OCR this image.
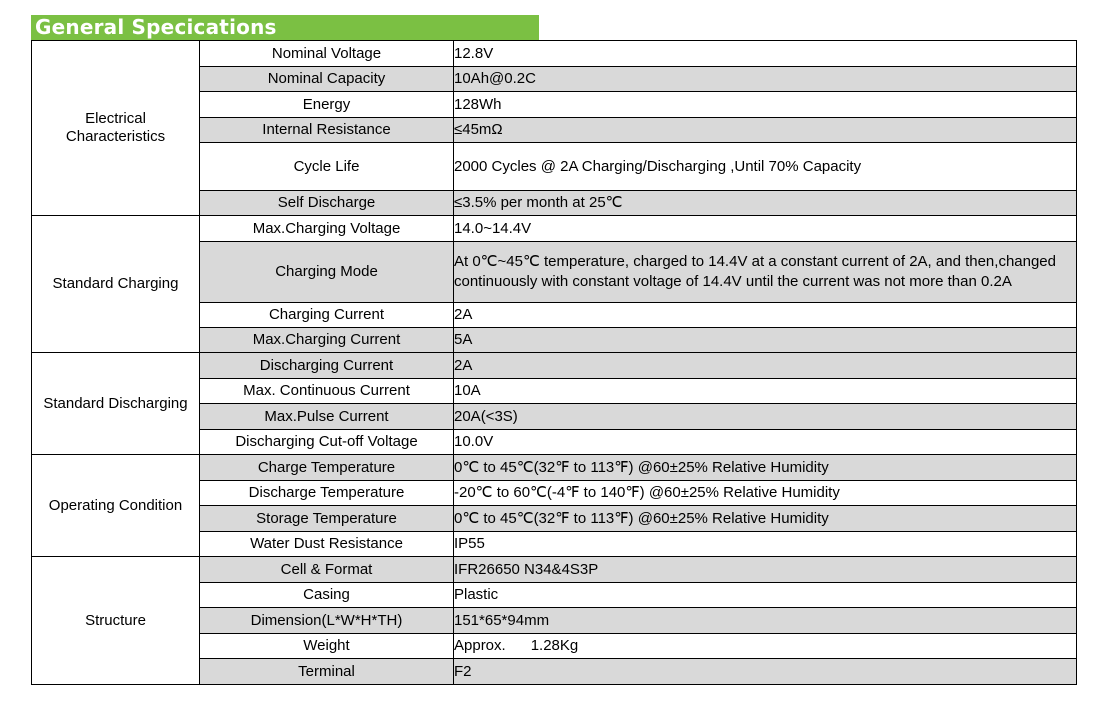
General Specications
Electrical
Characteristics	Nominal Voltage	12.8V
	Nominal Capacity	10Ah@0.2C
	Energy	128Wh
	Internal Resistance	≤45mΩ
	Cycle Life	2000 Cycles @ 2A Charging/Discharging ,Until 70% Capacity
	Self Discharge	≤3.5% per month at 25℃
Standard Charging	Max.Charging Voltage	14.0~14.4V
	Charging Mode	At 0℃~45℃ temperature, charged to 14.4V at a constant current of 2A, and then,changed continuously with constant voltage of 14.4V until the current was not more than 0.2A
	Charging Current	2A
	Max.Charging Current	5A
Standard Discharging	Discharging Current	2A
	Max. Continuous Current	10A
	Max.Pulse Current	20A(<3S)
	Discharging Cut-off Voltage	10.0V
Operating Condition	Charge Temperature	0℃ to 45℃(32℉ to 113℉) @60±25% Relative Humidity
	Discharge Temperature	-20℃ to 60℃(-4℉ to 140℉) @60±25% Relative Humidity
	Storage Temperature	0℃ to 45℃(32℉ to 113℉) @60±25% Relative Humidity
	Water Dust Resistance	IP55
Structure	Cell & Format	IFR26650 N34&4S3P
	Casing	Plastic
	Dimension(L*W*H*TH)	151*65*94mm
	Weight	Approx.      1.28Kg
	Terminal	F2
